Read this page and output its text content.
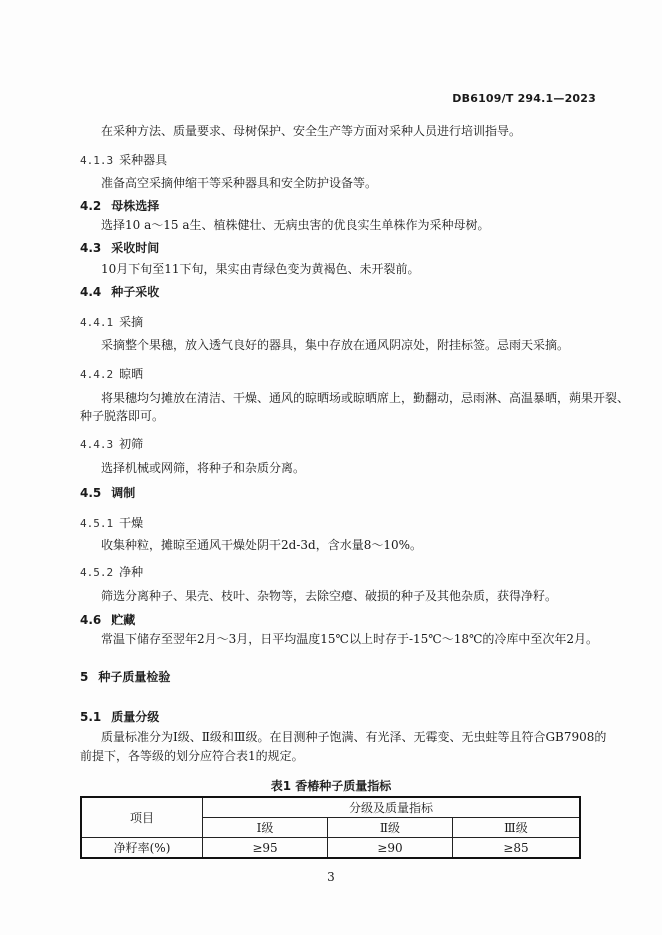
DB6109/T 294.1—2023
在采种方法、质量要求、母树保护、安全生产等方面对采种人员进行培训指导。
4.1.3 采种器具
准备高空采摘伸缩干等采种器具和安全防护设备等。
4.2 母株选择
选择10 a～15 a生、植株健壮、无病虫害的优良实生单株作为采种母树。
4.3 采收时间
10月下旬至11下旬，果实由青绿色变为黄褐色、未开裂前。
4.4 种子采收
4.4.1 采摘
采摘整个果穗，放入透气良好的器具，集中存放在通风阴凉处，附挂标签。忌雨天采摘。
4.4.2 晾晒
将果穗均匀摊放在清洁、干燥、通风的晾晒场或晾晒席上，勤翻动，忌雨淋、高温暴晒，蒴果开裂、
种子脱落即可。
4.4.3 初筛
选择机械或网筛，将种子和杂质分离。
4.5 调制
4.5.1 干燥
收集种粒，摊晾至通风干燥处阴干2d-3d，含水量8～10%。
4.5.2 净种
筛选分离种子、果壳、枝叶、杂物等，去除空瘪、破损的种子及其他杂质，获得净籽。
4.6 贮藏
常温下储存至翌年2月～3月，日平均温度15℃以上时存于-15℃～18℃的冷库中至次年2月。
5 种子质量检验
5.1 质量分级
质量标准分为Ⅰ级、Ⅱ级和Ⅲ级。在目测种子饱满、有光泽、无霉变、无虫蛀等且符合GB7908的
前提下，各等级的划分应符合表1的规定。
表1 香椿种子质量指标
项目	分级及质量指标		
	Ⅰ级	Ⅱ级	Ⅲ级
净籽率(%)	≥95	≥90	≥85
3
